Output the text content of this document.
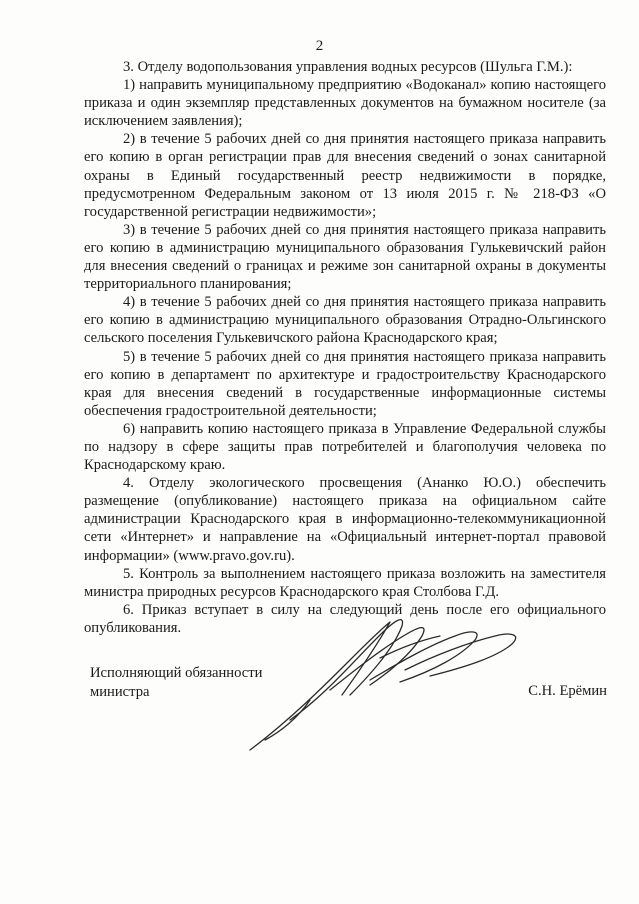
2

3. Отделу водопользования управления водных ресурсов (Шульга Г.М.):

1) направить муниципальному предприятию «Водоканал» копию настоящего приказа и один экземпляр представленных документов на бумажном носителе (за исключением заявления);

2) в течение 5 рабочих дней со дня принятия настоящего приказа направить его копию в орган регистрации прав для внесения сведений о зонах санитарной охраны в Единый государственный реестр недвижимости в порядке, предусмотренном Федеральным законом от 13 июля 2015 г. № 218-ФЗ «О государственной регистрации недвижимости»;

3) в течение 5 рабочих дней со дня принятия настоящего приказа направить его копию в администрацию муниципального образования Гулькевичский район для внесения сведений о границах и режиме зон санитарной охраны в документы территориального планирования;

4) в течение 5 рабочих дней со дня принятия настоящего приказа направить его копию в администрацию муниципального образования Отрадно-Ольгинского сельского поселения Гулькевичского района Краснодарского края;

5) в течение 5 рабочих дней со дня принятия настоящего приказа направить его копию в департамент по архитектуре и градостроительству Краснодарского края для внесения сведений в государственные информационные системы обеспечения градостроительной деятельности;

6) направить копию настоящего приказа в Управление Федеральной службы по надзору в сфере защиты прав потребителей и благополучия человека по Краснодарскому краю.

4. Отделу экологического просвещения (Ананко Ю.О.) обеспечить размещение (опубликование) настоящего приказа на официальном сайте администрации Краснодарского края в информационно-телекоммуникационной сети «Интернет» и направление на «Официальный интернет-портал правовой информации» (www.pravo.gov.ru).

5. Контроль за выполнением настоящего приказа возложить на заместителя министра природных ресурсов Краснодарского края Столбова Г.Д.

6. Приказ вступает в силу на следующий день после его официального опубликования.

Исполняющий обязанности
министра	С.Н. Ерёмин
